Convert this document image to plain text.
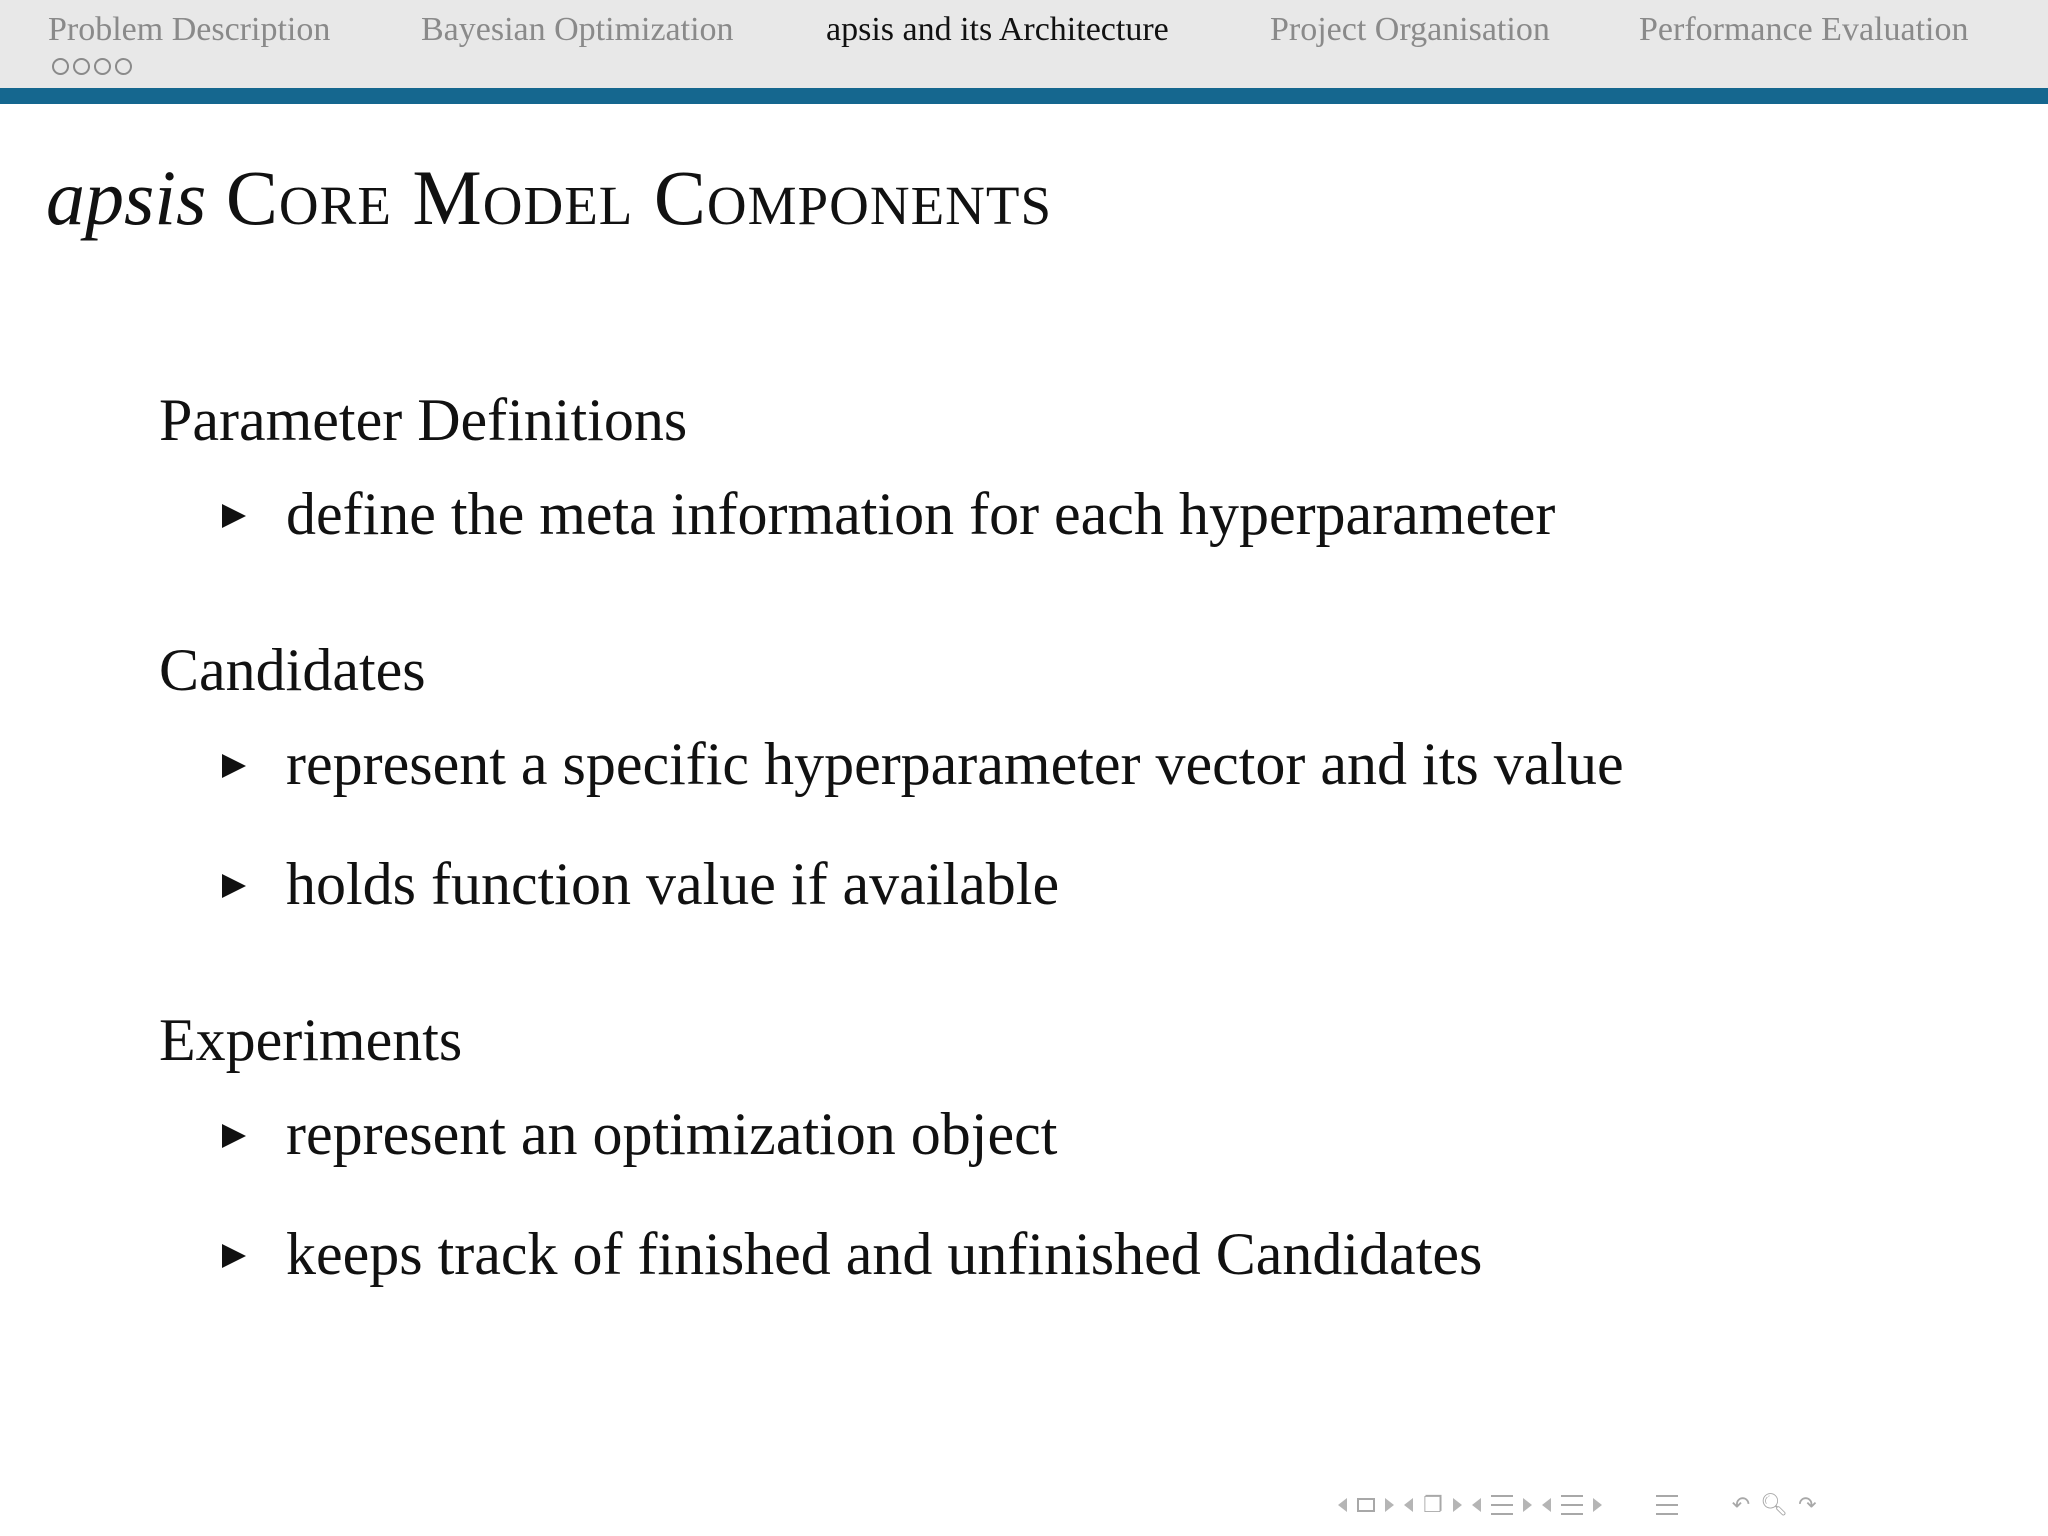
Problem Description	Bayesian Optimization	apsis and its Architecture	Project Organisation	Performance Evaluation
apsis Core Model Components
Parameter Definitions
define the meta information for each hyperparameter
Candidates
represent a specific hyperparameter vector and its value
holds function value if available
Experiments
represent an optimization object
keeps track of finished and unfinished Candidates
❐	↶ 🔍︎ ↷
